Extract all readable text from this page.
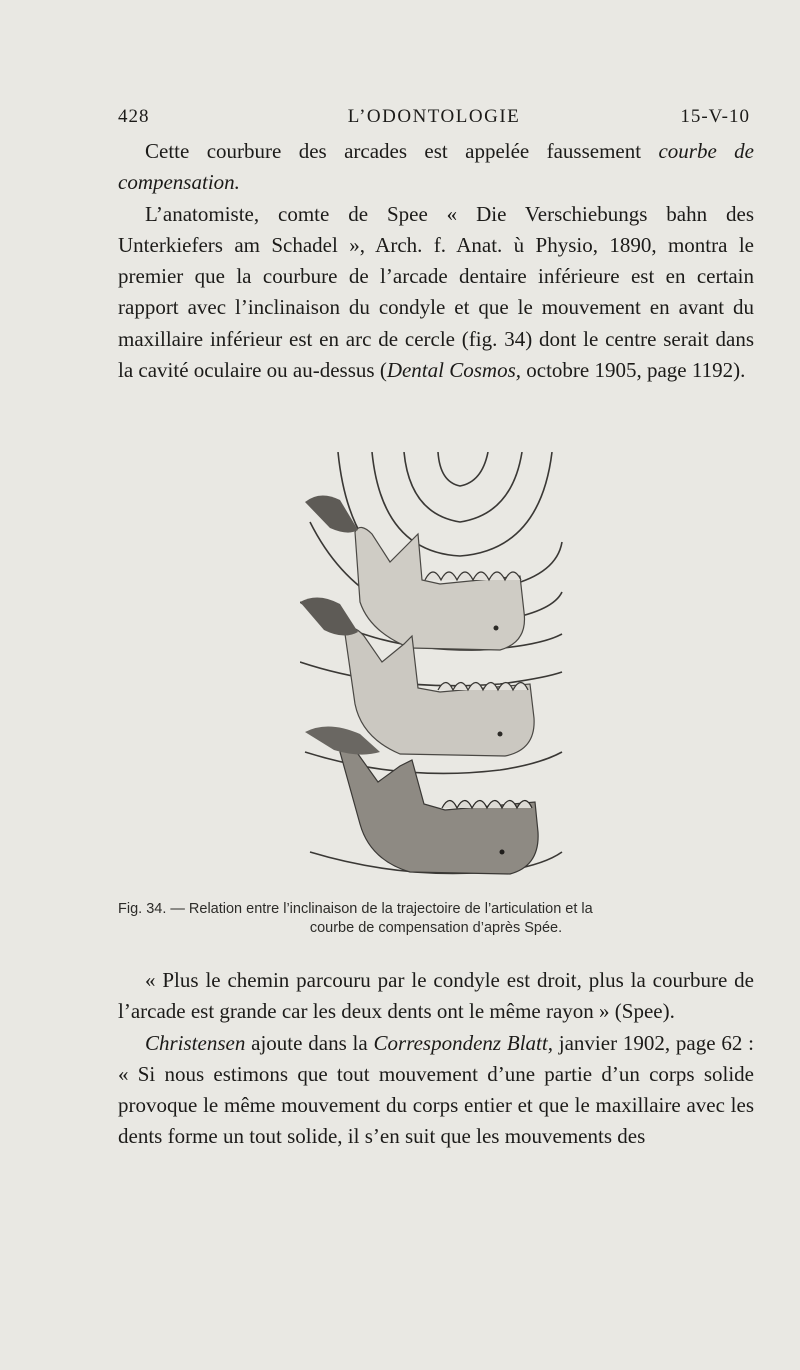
428	L’ODONTOLOGIE	15-V-10

Cette courbure des arcades est appelée faussement courbe de compensation.

L’anatomiste, comte de Spee « Die Verschiebungs bahn des Unterkiefers am Schadel », Arch. f. Anat. ù Physio, 1890, montra le premier que la courbure de l’arcade dentaire inférieure est en certain rapport avec l’inclinaison du condyle et que le mouvement en avant du maxillaire inférieur est en arc de cercle (fig. 34) dont le centre serait dans la cavité oculaire ou au-dessus (Dental Cosmos, octobre 1905, page 1192).

Fig. 34. — Relation entre l’inclinaison de la trajectoire de l’articulation et la
courbe de compensation d’après Spée.

« Plus le chemin parcouru par le condyle est droit, plus la courbure de l’arcade est grande car les deux dents ont le même rayon » (Spee).

Christensen ajoute dans la Correspondenz Blatt, janvier 1902, page 62 : « Si nous estimons que tout mouvement d’une partie d’un corps solide provoque le même mouvement du corps entier et que le maxillaire avec les dents forme un tout solide, il s’en suit que les mouvements des
